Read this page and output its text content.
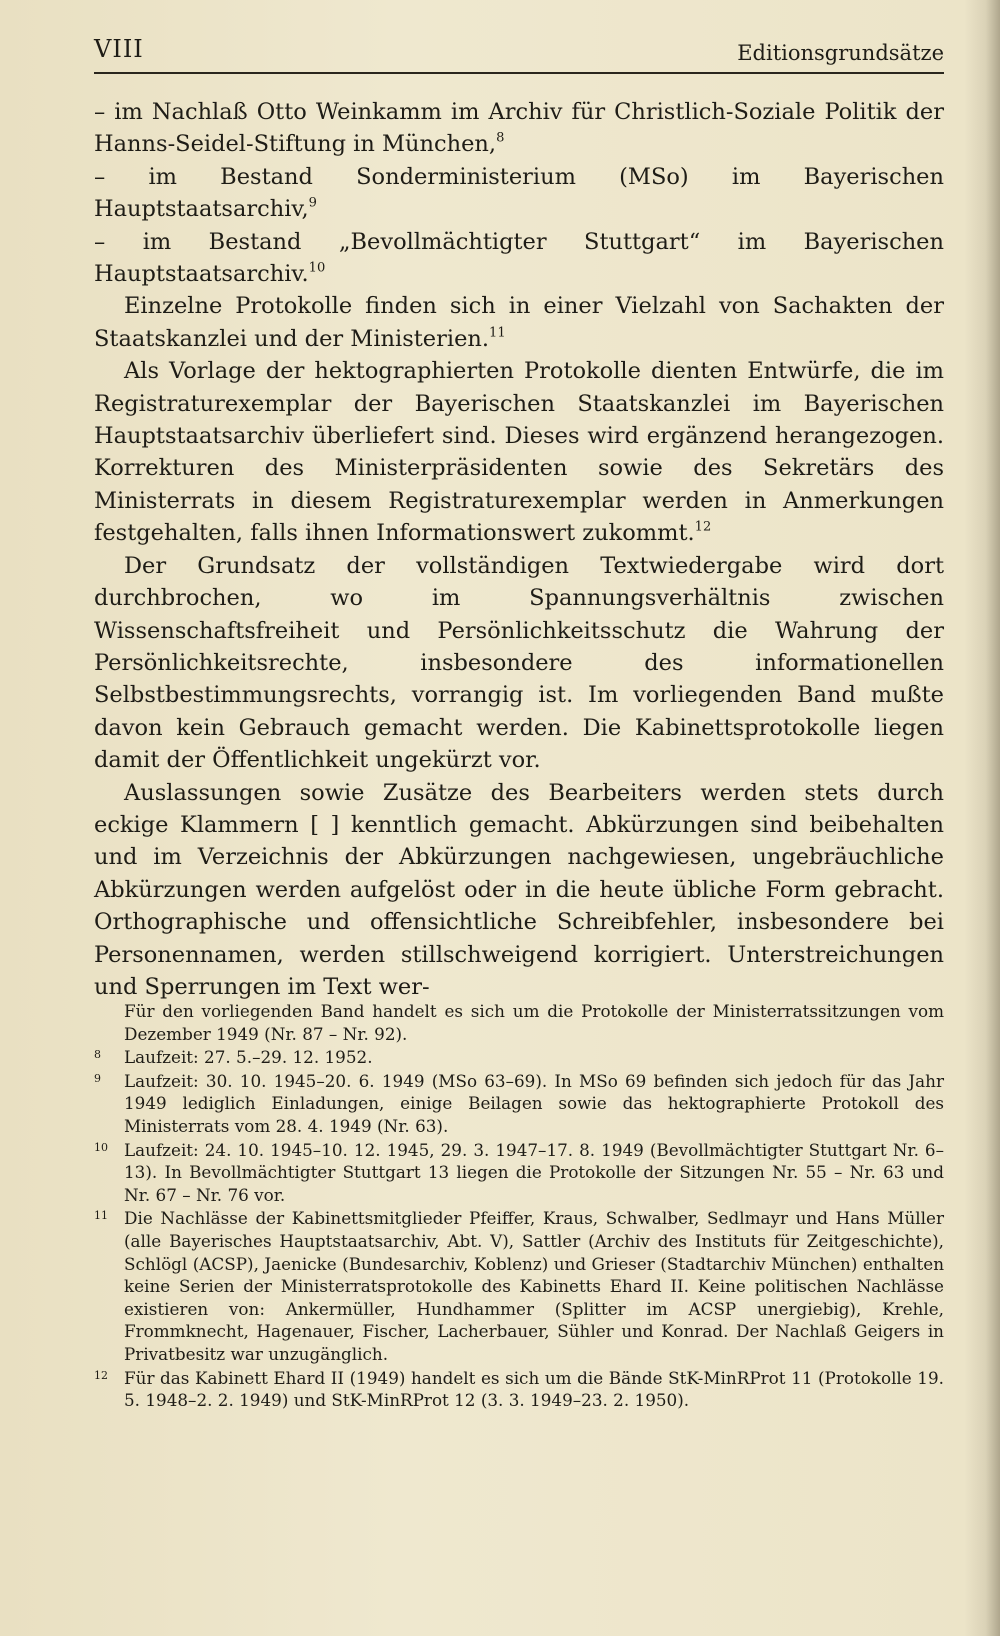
VIII	Editionsgrundsätze

– im Nachlaß Otto Weinkamm im Archiv für Christlich-Soziale Politik der Hanns-Seidel-Stiftung in München,$^8$

– im Bestand Sonderministerium (MSo) im Bayerischen Hauptstaatsarchiv,$^9$

– im Bestand „Bevollmächtigter Stuttgart“ im Bayerischen Hauptstaatsarchiv.$^{10}$

Einzelne Protokolle finden sich in einer Vielzahl von Sachakten der Staatskanzlei und der Ministerien.$^{11}$

Als Vorlage der hektographierten Protokolle dienten Entwürfe, die im Registraturexemplar der Bayerischen Staatskanzlei im Bayerischen Hauptstaatsarchiv überliefert sind. Dieses wird ergänzend herangezogen. Korrekturen des Ministerpräsidenten sowie des Sekretärs des Ministerrats in diesem Registraturexemplar werden in Anmerkungen festgehalten, falls ihnen Informationswert zukommt.$^{12}$

Der Grundsatz der vollständigen Textwiedergabe wird dort durchbrochen, wo im Spannungsverhältnis zwischen Wissenschaftsfreiheit und Persönlichkeitsschutz die Wahrung der Persönlichkeitsrechte, insbesondere des informationellen Selbstbestimmungsrechts, vorrangig ist. Im vorliegenden Band mußte davon kein Gebrauch gemacht werden. Die Kabinettsprotokolle liegen damit der Öffentlichkeit ungekürzt vor.

Auslassungen sowie Zusätze des Bearbeiters werden stets durch eckige Klammern [ ] kenntlich gemacht. Abkürzungen sind beibehalten und im Verzeichnis der Abkürzungen nachgewiesen, ungebräuchliche Abkürzungen werden aufgelöst oder in die heute übliche Form gebracht. Orthographische und offensichtliche Schreibfehler, insbesondere bei Personennamen, werden stillschweigend korrigiert. Unterstreichungen und Sperrungen im Text wer-

Für den vorliegenden Band handelt es sich um die Protokolle der Ministerratssitzungen vom Dezember 1949 (Nr. 87 – Nr. 92).
8	Laufzeit: 27. 5.–29. 12. 1952.
9	Laufzeit: 30. 10. 1945–20. 6. 1949 (MSo 63–69). In MSo 69 befinden sich jedoch für das Jahr 1949 lediglich Einladungen, einige Beilagen sowie das hektographierte Protokoll des Ministerrats vom 28. 4. 1949 (Nr. 63).
10 Laufzeit: 24. 10. 1945–10. 12. 1945, 29. 3. 1947–17. 8. 1949 (Bevollmächtigter Stuttgart Nr. 6–13). In Bevollmächtigter Stuttgart 13 liegen die Protokolle der Sitzungen Nr. 55 – Nr. 63 und Nr. 67 – Nr. 76 vor.
11 Die Nachlässe der Kabinettsmitglieder Pfeiffer, Kraus, Schwalber, Sedlmayr und Hans Müller (alle Bayerisches Hauptstaatsarchiv, Abt. V), Sattler (Archiv des Instituts für Zeitgeschichte), Schlögl (ACSP), Jaenicke (Bundesarchiv, Koblenz) und Grieser (Stadtarchiv München) enthalten keine Serien der Ministerratsprotokolle des Kabinetts Ehard II. Keine politischen Nachlässe existieren von: Ankermüller, Hundhammer (Splitter im ACSP unergiebig), Krehle, Frommknecht, Hagenauer, Fischer, Lacherbauer, Sühler und Konrad. Der Nachlaß Geigers in Privatbesitz war unzugänglich.
12 Für das Kabinett Ehard II (1949) handelt es sich um die Bände StK-MinRProt 11 (Protokolle 19. 5. 1948–2. 2. 1949) und StK-MinRProt 12 (3. 3. 1949–23. 2. 1950).
